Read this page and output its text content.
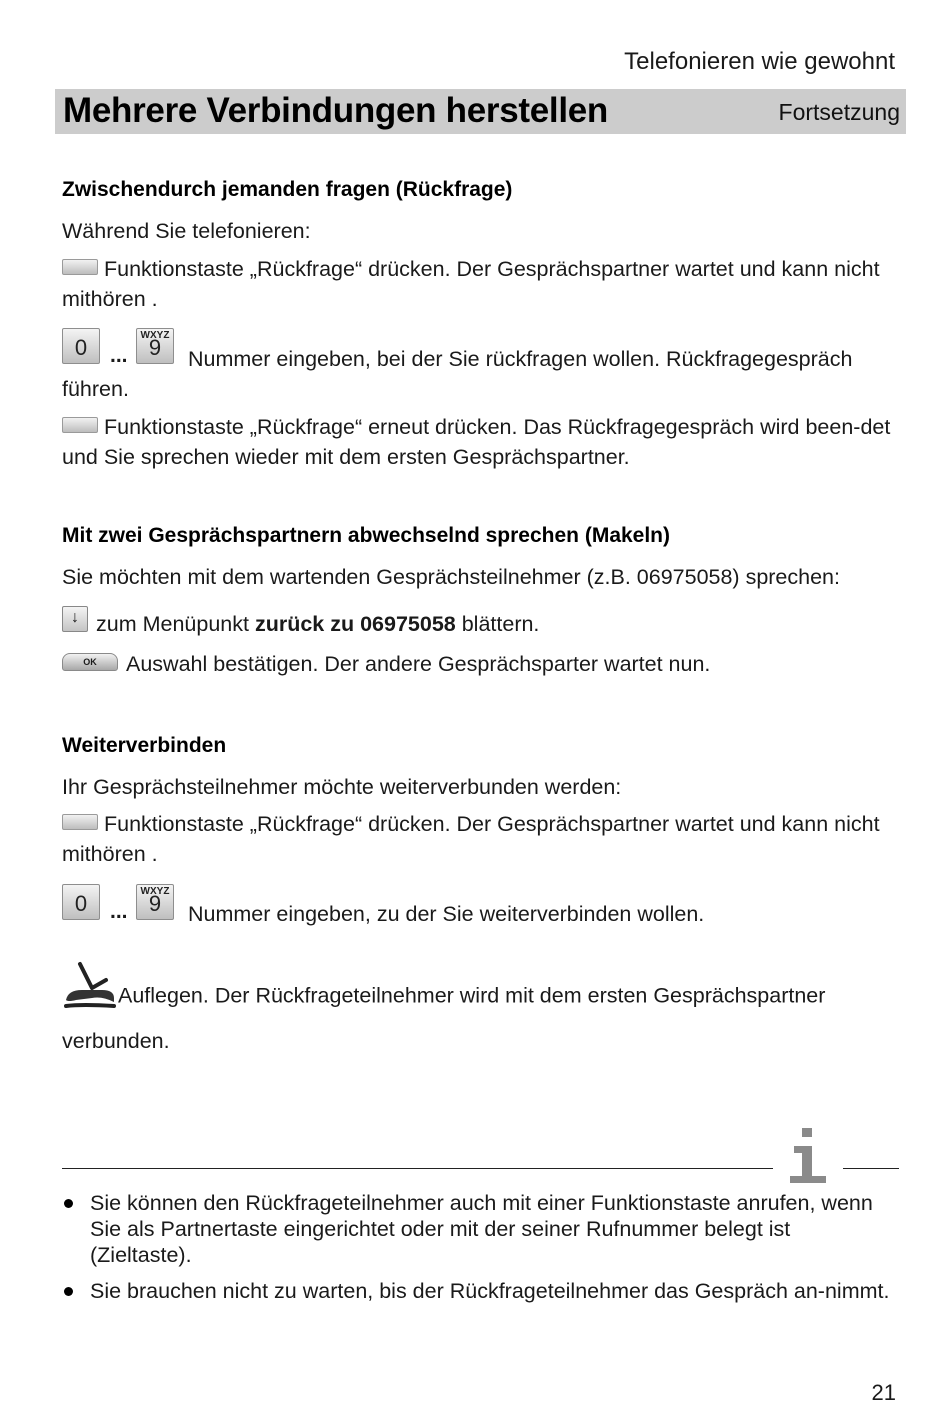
Telefonieren wie gewohnt
Mehrere Verbindungen herstellen	Fortsetzung
Zwischendurch jemanden fragen (Rückfrage)
Während Sie telefonieren:
Funktionstaste „Rückfrage“ drücken. Der Gesprächspartner wartet und kann nicht mithören .
0	...
WXYZ
9	Nummer eingeben, bei der Sie rückfragen wollen. Rückfragegespräch führen.
Funktionstaste „Rückfrage“ erneut drücken. Das Rückfragegespräch wird been-det und Sie sprechen wieder mit dem ersten Gesprächspartner.
Mit zwei Gesprächspartnern abwechselnd sprechen (Makeln)
Sie möchten mit dem wartenden Gesprächsteilnehmer (z.B. 06975058) sprechen:
↓ zum Menüpunkt zurück zu 06975058 blättern.
OK Auswahl bestätigen. Der andere Gesprächsparter wartet nun.
Weiterverbinden
Ihr Gesprächsteilnehmer möchte weiterverbunden werden:
Funktionstaste „Rückfrage“ drücken. Der Gesprächspartner wartet und kann nicht mithören .
0	...
WXYZ
9	Nummer eingeben, zu der Sie weiterverbinden wollen.
Auflegen. Der Rückfrageteilnehmer wird mit dem ersten Gesprächspartner verbunden.
Sie können den Rückfrageteilnehmer auch mit einer Funktionstaste anrufen, wenn Sie als Partnertaste eingerichtet oder mit der seiner Rufnummer belegt ist (Zieltaste).
Sie brauchen nicht zu warten, bis der Rückfrageteilnehmer das Gespräch an-nimmt.
21
